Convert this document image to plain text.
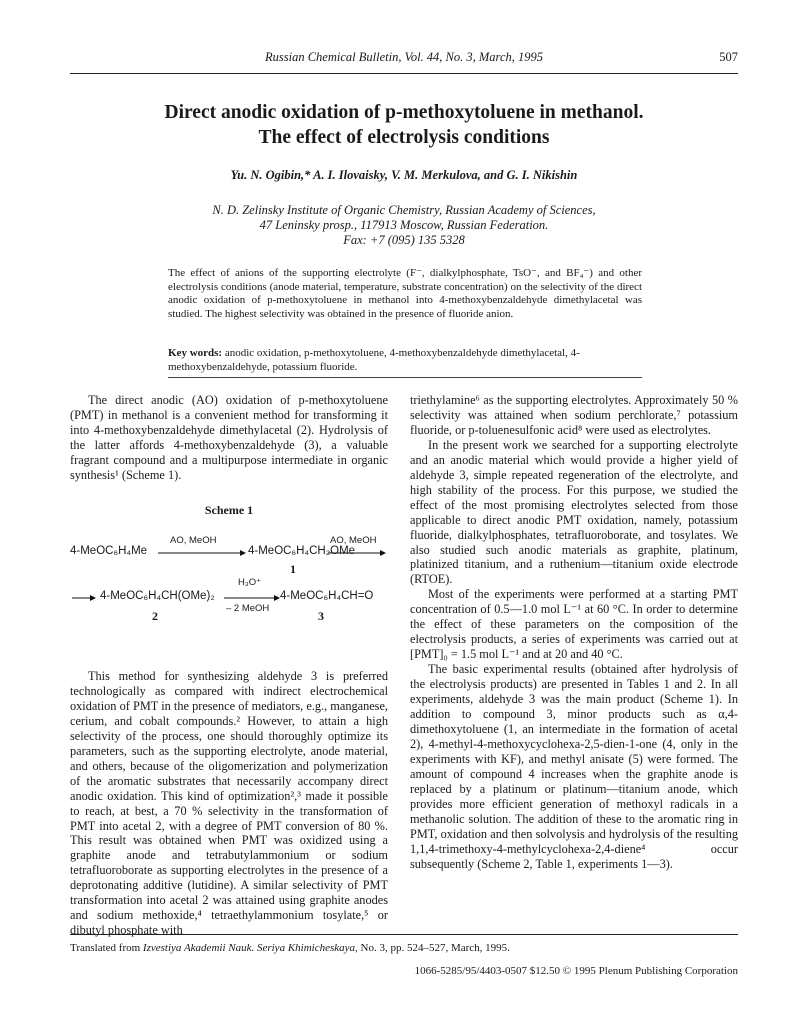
Russian Chemical Bulletin, Vol. 44, No. 3, March, 1995	507
Direct anodic oxidation of p-methoxytoluene in methanol.
The effect of electrolysis conditions
Yu. N. Ogibin,* A. I. Ilovaisky, V. M. Merkulova, and G. I. Nikishin
N. D. Zelinsky Institute of Organic Chemistry, Russian Academy of Sciences,
47 Leninsky prosp., 117913 Moscow, Russian Federation.
Fax: +7 (095) 135 5328
The effect of anions of the supporting electrolyte (F⁻, dialkylphosphate, TsO⁻, and BF₄⁻) and other electrolysis conditions (anode material, temperature, substrate concentration) on the selectivity of the direct anodic oxidation of p-methoxytoluene in methanol into 4-methoxybenzaldehyde dimethylacetal was studied. The highest selectivity was obtained in the presence of fluoride anion.
Key words: anodic oxidation, p-methoxytoluene, 4-methoxybenzaldehyde dimethylacetal, 4-methoxybenzaldehyde, potassium fluoride.

The direct anodic (AO) oxidation of p-methoxytoluene (PMT) in methanol is a convenient method for transforming it into 4-methoxybenzaldehyde dimethylacetal (2). Hydrolysis of the latter affords 4-methoxybenzaldehyde (3), a valuable fragrant compound and a multipurpose intermediate in organic synthesis¹ (Scheme 1).

Scheme 1
4-MeOC₆H₄Me
AO, MeOH
4-MeOC₆H₄CH₂OMe
1
AO, MeOH
4-MeOC₆H₄CH(OMe)₂
2
H₃O⁺
– 2 MeOH
4-MeOC₆H₄CH=O
3

This method for synthesizing aldehyde 3 is preferred technologically as compared with indirect electrochemical oxidation of PMT in the presence of mediators, e.g., manganese, cerium, and cobalt compounds.² However, to attain a high selectivity of the process, one should thoroughly optimize its parameters, such as the supporting electrolyte, anode material, and others, because of the oligomerization and polymerization of the aromatic substrates that necessarily accompany direct anodic oxidation. This kind of optimization²,³ made it possible to reach, at best, a 70 % selectivity in the transformation of PMT into acetal 2, with a degree of PMT conversion of 80 %. This result was obtained when PMT was oxidized using a graphite anode and tetrabutylammonium or sodium tetrafluoroborate as supporting electrolytes in the presence of a deprotonating additive (lutidine). A similar selectivity of PMT transformation into acetal 2 was attained using graphite anodes and sodium methoxide,⁴ tetraethylammonium tosylate,⁵ or dibutyl phosphate with

triethylamine⁶ as the supporting electrolytes. Approximately 50 % selectivity was attained when sodium perchlorate,⁷ potassium fluoride, or p-toluenesulfonic acid⁸ were used as electrolytes.

In the present work we searched for a supporting electrolyte and an anodic material which would provide a higher yield of aldehyde 3, simple repeated regeneration of the electrolyte, and high stability of the process. For this purpose, we studied the effect of the most promising electrolytes selected from those applicable to direct anodic PMT oxidation, namely, potassium fluoride, dialkylphosphates, tetrafluoroborate, and tosylates. We also studied such anodic materials as graphite, platinum, platinized titanium, and a ruthenium—titanium oxide electrode (RTOE).

Most of the experiments were performed at a starting PMT concentration of 0.5—1.0 mol L⁻¹ at 60 °C. In order to determine the effect of these parameters on the composition of the electrolysis products, a series of experiments was carried out at [PMT]₀ = 1.5 mol L⁻¹ and at 20 and 40 °C.

The basic experimental results (obtained after hydrolysis of the electrolysis products) are presented in Tables 1 and 2. In all experiments, aldehyde 3 was the main product (Scheme 1). In addition to compound 3, minor products such as α,4-dimethoxytoluene (1, an intermediate in the formation of acetal 2), 4-methyl-4-methoxycyclohexa-2,5-dien-1-one (4, only in the experiments with KF), and methyl anisate (5) were formed. The amount of compound 4 increases when the graphite anode is replaced by a platinum or platinum—titanium anode, which provides more efficient generation of methoxyl radicals in a methanolic solution. The addition of these to the aromatic ring in PMT, oxidation and then solvolysis and hydrolysis of the resulting 1,1,4-trimethoxy-4-methylcyclohexa-2,4-diene⁴ occur subsequently (Scheme 2, Table 1, experiments 1—3).

Translated from Izvestiya Akademii Nauk. Seriya Khimicheskaya, No. 3, pp. 524–527, March, 1995.
1066-5285/95/4403-0507 $12.50 © 1995 Plenum Publishing Corporation
